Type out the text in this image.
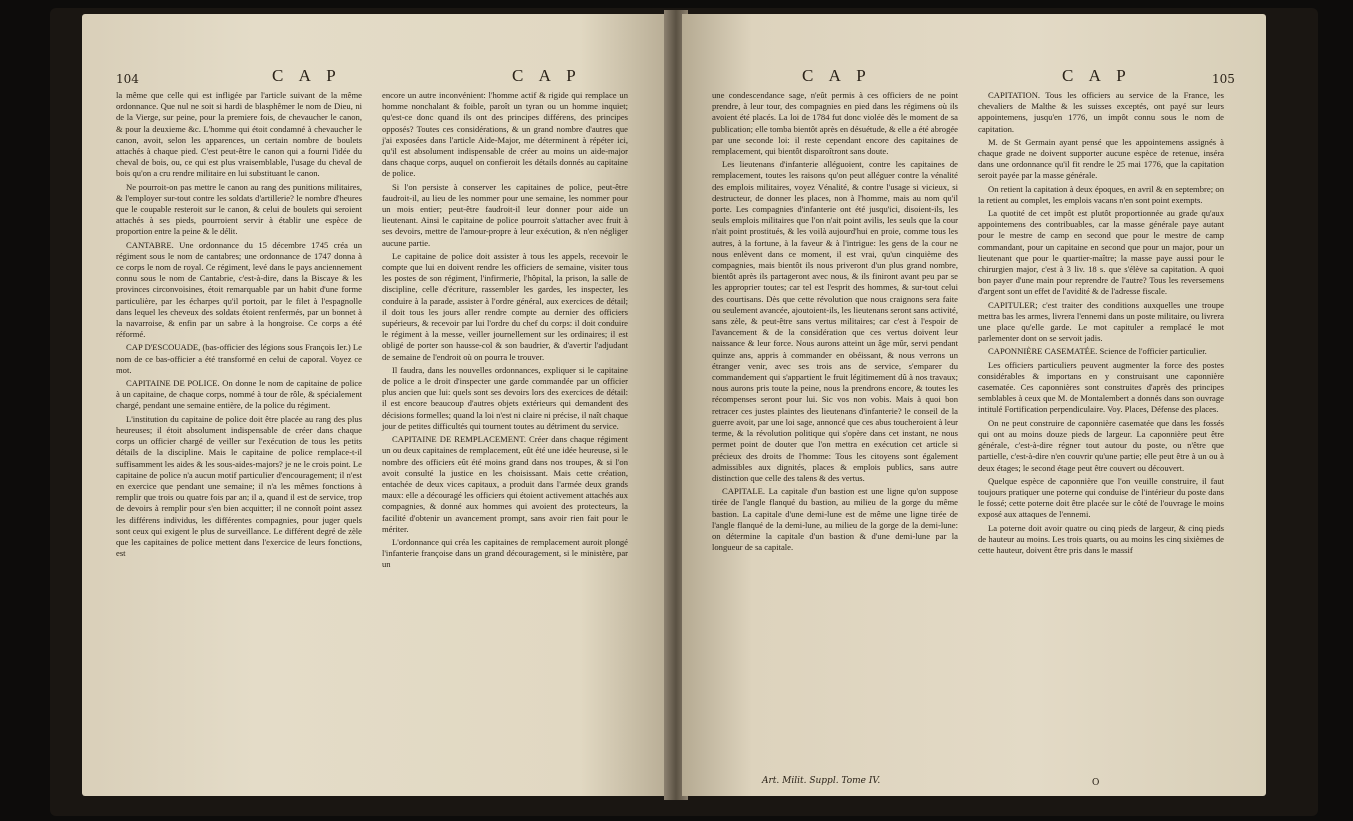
104	C A P	C A P

la même que celle qui est infligée par l'article suivant de la même ordonnance. Que nul ne soit si hardi de blasphêmer le nom de Dieu, ni de la Vierge, sur peine, pour la premiere fois, de chevaucher le canon, & pour la deuxieme &c. L'homme qui étoit condamné à chevaucher le canon, avoit, selon les apparences, un certain nombre de boulets attachés à chaque pied. C'est peut-être le canon qui a fourni l'idée du cheval de bois, ou, ce qui est plus vraisemblable, l'usage du cheval de bois qu'on a cru rendre militaire en lui substituant le canon.

Ne pourroit-on pas mettre le canon au rang des punitions militaires, & l'employer sur-tout contre les soldats d'artillerie? le nombre d'heures que le coupable resteroit sur le canon, & celui de boulets qui seroient attachés à ses pieds, pourroient servir à établir une espèce de proportion entre la peine & le délit.

CANTABRE. Une ordonnance du 15 décembre 1745 créa un régiment sous le nom de cantabres; une ordonnance de 1747 donna à ce corps le nom de royal. Ce régiment, levé dans le pays anciennement connu sous le nom de Cantabrie, c'est-à-dire, dans la Biscaye & les provinces circonvoisines, étoit remarquable par un habit d'une forme particulière, par les écharpes qu'il portoit, par le filet à l'espagnolle dans lequel les cheveux des soldats étoient renfermés, par un bonnet à la navarroise, & enfin par un sabre à la hongroise. Ce corps a été réformé.

CAP D'ESCOUADE, (bas-officier des légions sous François Ier.) Le nom de ce bas-officier a été transformé en celui de caporal. Voyez ce mot.

CAPITAINE DE POLICE. On donne le nom de capitaine de police à un capitaine, de chaque corps, nommé à tour de rôle, & spécialement chargé, pendant une semaine entière, de la police du régiment.

L'institution du capitaine de police doit être placée au rang des plus heureuses; il étoit absolument indispensable de créer dans chaque corps un officier chargé de veiller sur l'exécution de tous les petits détails de la discipline. Mais le capitaine de police remplace-t-il suffisamment les aides & les sous-aides-majors? je ne le crois point. Le capitaine de police n'a aucun motif particulier d'encouragement; il n'est en exercice que pendant une semaine; il n'a les mêmes fonctions à remplir que trois ou quatre fois par an; il a, quand il est de service, trop de devoirs à remplir pour s'en bien acquitter; il ne connoît point assez les différens individus, les différentes compagnies, pour juger quels sont ceux qui exigent le plus de surveillance. Le différent degré de zèle que les capitaines de police mettent dans l'exercice de leurs fonctions, est

encore un autre inconvénient: l'homme actif & rigide qui remplace un homme nonchalant & foible, paroît un tyran ou un homme inquiet; qu'est-ce donc quand ils ont des principes différens, des principes opposés? Toutes ces considérations, & un grand nombre d'autres que j'ai exposées dans l'article Aide-Major, me déterminent à répéter ici, qu'il est absolument indispensable de créer au moins un aide-major dans chaque corps, auquel on confieroit les détails donnés au capitaine de police.

Si l'on persiste à conserver les capitaines de police, peut-être faudroit-il, au lieu de les nommer pour une semaine, les nommer pour un mois entier; peut-être faudroit-il leur donner pour aide un lieutenant. Ainsi le capitaine de police pourroit s'attacher avec fruit à ses devoirs, mettre de l'amour-propre à leur exécution, & n'en négliger aucune partie.

Le capitaine de police doit assister à tous les appels, recevoir le compte que lui en doivent rendre les officiers de semaine, visiter tous les postes de son régiment, l'infirmerie, l'hôpital, la prison, la salle de discipline, celle d'écriture, rassembler les gardes, les inspecter, les conduire à la parade, assister à l'ordre général, aux exercices de détail; il doit tous les jours aller rendre compte au dernier des officiers supérieurs, & recevoir par lui l'ordre du chef du corps: il doit conduire le régiment à la messe, veiller journellement sur les ordinaires; il est obligé de porter son hausse-col & son baudrier, & d'avertir l'adjudant de semaine de l'endroit où on pourra le trouver.

Il faudra, dans les nouvelles ordonnances, expliquer si le capitaine de police a le droit d'inspecter une garde commandée par un officier plus ancien que lui: quels sont ses devoirs lors des exercices de détail: il est encore beaucoup d'autres objets extérieurs qui demandent des décisions formelles; quand la loi n'est ni claire ni précise, il naît chaque jour de petites difficultés qui tournent toutes au détriment du service.

CAPITAINE DE REMPLACEMENT. Créer dans chaque régiment un ou deux capitaines de remplacement, eût été une idée heureuse, si le nombre des officiers eût été moins grand dans nos troupes, & si l'on avoit consulté la justice en les choisissant. Mais cette création, entachée de deux vices capitaux, a produit dans l'armée deux grands maux: elle a découragé les officiers qui étoient activement attachés aux compagnies, & donné aux hommes qui avoient des protecteurs, la facilité d'obtenir un avancement prompt, sans avoir rien fait pour le mériter.

L'ordonnance qui créa les capitaines de remplacement auroit plongé l'infanterie françoise dans un grand découragement, si le ministère, par un

C A P	C A P	105

une condescendance sage, n'eût permis à ces officiers de ne point prendre, à leur tour, des compagnies en pied dans les régimens où ils avoient été placés. La loi de 1784 fut donc violée dès le moment de sa publication; elle tomba bientôt après en désuétude, & elle a été abrogée par une seconde loi: il reste cependant encore des capitaines de remplacement, qui bientôt disparoîtront sans doute.

Les lieutenans d'infanterie alléguoient, contre les capitaines de remplacement, toutes les raisons qu'on peut alléguer contre la vénalité des emplois militaires, voyez Vénalité, & contre l'usage si vicieux, si destructeur, de donner les places, non à l'homme, mais au nom qu'il porte. Les compagnies d'infanterie ont été jusqu'ici, disoient-ils, les seuls emplois militaires que l'on n'ait point avilis, les seuls que la cour n'ait point prostitués, & les voilà aujourd'hui en proie, comme tous les autres, à la fortune, à la faveur & à l'intrigue: les gens de la cour ne nous enlèvent dans ce moment, il est vrai, qu'un cinquième des compagnies, mais bientôt ils nous priveront d'un plus grand nombre, bientôt après ils partageront avec nous, & ils finiront avant peu par se les approprier toutes; car tel est l'esprit des hommes, & sur-tout celui des courtisans. Dès que cette révolution que nous craignons sera faite ou seulement avancée, ajoutoient-ils, les lieutenans seront sans activité, sans zèle, & peut-être sans vertus militaires; car c'est à l'espoir de l'avancement & de la considération que ces vertus doivent leur naissance & leur force. Nous aurons atteint un âge mûr, servi pendant quinze ans, appris à commander en obéissant, & nous verrons un étranger venir, avec ses trois ans de service, s'emparer du commandement qui s'appartient le fruit légitimement dû à nos travaux; nous aurons pris toute la peine, nous la prendrons encore, & toutes les récompenses seront pour lui. Sic vos non vobis. Mais à quoi bon retracer ces justes plaintes des lieutenans d'infanterie? le conseil de la guerre avoit, par une loi sage, annoncé que ces abus toucheroient à leur terme, & la révolution politique qui s'opère dans cet instant, ne nous permet point de douter que l'on mettra en exécution cet article si précieux des droits de l'homme: Tous les citoyens sont également admissibles aux dignités, places & emplois publics, sans autre distinction que celle des talens & des vertus.

CAPITALE. La capitale d'un bastion est une ligne qu'on suppose tirée de l'angle flanqué du bastion, au milieu de la gorge du même bastion. La capitale d'une demi-lune est de même une ligne tirée de l'angle flanqué de la demi-lune, au milieu de la gorge de la demi-lune: on détermine la capitale d'un bastion & d'une demi-lune par la longueur de sa capitale.

Art. Milit. Suppl. Tome IV.

CAPITATION. Tous les officiers au service de la France, les chevaliers de Malthe & les suisses exceptés, ont payé sur leurs appointemens, jusqu'en 1776, un impôt connu sous le nom de capitation.

M. de St Germain ayant pensé que les appointemens assignés à chaque grade ne doivent supporter aucune espèce de retenue, inséra dans une ordonnance qu'il fit rendre le 25 mai 1776, que la capitation seroit payée par la masse générale.

On retient la capitation à deux époques, en avril & en septembre; on la retient au complet, les emplois vacans n'en sont point exempts.

La quotité de cet impôt est plutôt proportionnée au grade qu'aux appointemens des contribuables, car la masse générale paye autant pour le mestre de camp en second que pour le mestre de camp commandant, pour un capitaine en second que pour un major, pour un lieutenant que pour le quartier-maître; la masse paye aussi pour le chirurgien major, c'est à 3 liv. 18 s. que s'élève sa capitation. A quoi bon payer d'une main pour reprendre de l'autre? Tous les reversemens d'argent sont un effet de l'avidité & de l'adresse fiscale.

CAPITULER; c'est traiter des conditions auxquelles une troupe mettra bas les armes, livrera l'ennemi dans un poste militaire, ou livrera une place qu'elle garde. Le mot capituler a remplacé le mot parlementer dont on se servoit jadis.

CAPONNIÈRE CASEMATÉE. Science de l'officier particulier.

Les officiers particuliers peuvent augmenter la force des postes considérables & importans en y construisant une caponnière casematée. Ces caponnières sont construites d'après des principes semblables à ceux que M. de Montalembert a donnés dans son ouvrage intitulé Fortification perpendiculaire. Voy. Places, Défense des places.

On ne peut construire de caponnière casematée que dans les fossés qui ont au moins douze pieds de largeur. La caponnière peut être générale, c'est-à-dire régner tout autour du poste, ou n'être que partielle, c'est-à-dire n'en couvrir qu'une partie; elle peut être à un ou à deux étages; le second étage peut être couvert ou découvert.

Quelque espèce de caponnière que l'on veuille construire, il faut toujours pratiquer une poterne qui conduise de l'intérieur du poste dans le fossé; cette poterne doit être placée sur le côté de l'ouvrage le moins exposé aux attaques de l'ennemi.

La poterne doit avoir quatre ou cinq pieds de largeur, & cinq pieds de hauteur au moins. Les trois quarts, ou au moins les cinq sixièmes de cette hauteur, doivent être pris dans le massif

O
